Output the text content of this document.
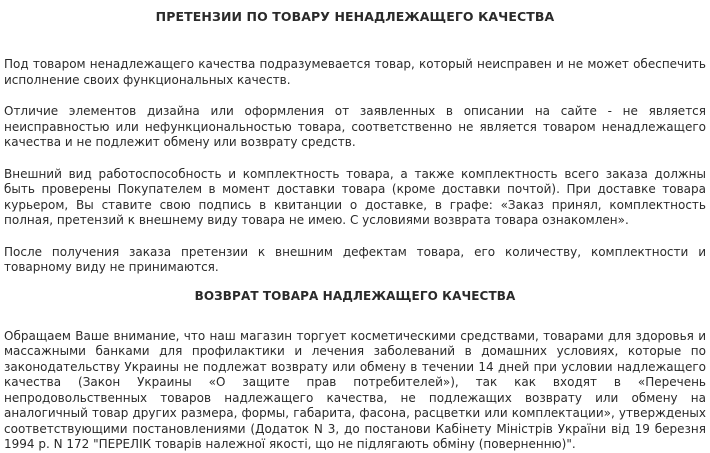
ПРЕТЕНЗИИ ПО ТОВАРУ НЕНАДЛЕЖАЩЕГО КАЧЕСТВА

Под товаром ненадлежащего качества подразумевается товар, который неисправен и не может обеспечить исполнение своих функциональных качеств.

Отличие элементов дизайна или оформления от заявленных в описании на сайте - не является неисправностью или нефункциональностью товара, соответственно не является товаром ненадлежащего качества и не подлежит обмену или возврату средств.

Внешний вид работоспособность и комплектность товара, а также комплектность всего заказа должны быть проверены Покупателем в момент доставки товара (кроме доставки почтой). При доставке товара курьером, Вы ставите свою подпись в квитанции о доставке, в графе: «Заказ принял, комплектность полная, претензий к внешнему виду товара не имею. С условиями возврата товара ознакомлен».

После получения заказа претензии к внешним дефектам товара, его количеству, комплектности и товарному виду не принимаются.

ВОЗВРАТ ТОВАРА НАДЛЕЖАЩЕГО КАЧЕСТВА

Обращаем Ваше внимание, что наш магазин торгует косметическими средствами, товарами для здоровья и массажными банками для профилактики и лечения заболеваний в домашних условиях, которые по законодательству Украины не подлежат возврату или обмену в течении 14 дней при условии надлежащего качества (Закон Украины «О защите прав потребителей»), так как входят в «Перечень непродовольственных товаров надлежащего качества, не подлежащих возврату или обмену на аналогичный товар других размера, формы, габарита, фасона, расцветки или комплектации», утвержденых соответствующими постановлениями (Додаток N 3, до постанови Кабінету Міністрів України від 19 березня 1994 р. N 172 "ПЕРЕЛІК товарів належної якості, що не підлягають обміну (поверненню)".
